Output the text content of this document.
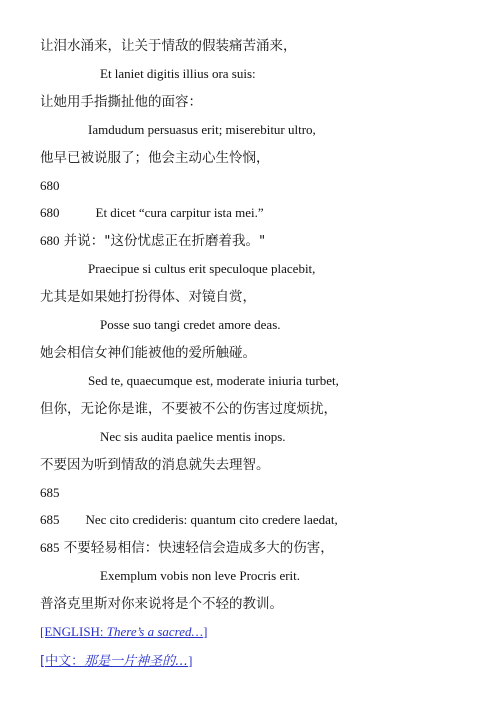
让泪水涌来，让关于情敌的假装痛苦涌来，
Et laniet digitis illius ora suis:
让她用手指撕扯他的面容：
Iamdudum persuasus erit; miserebitur ultro,
他早已被说服了；他会主动心生怜悯，
680
680	Et dicet “cura carpitur ista mei.”
680 并说："这份忧虑正在折磨着我。"
Praecipue si cultus erit speculoque placebit,
尤其是如果她打扮得体、对镜自赏，
Posse suo tangi credet amore deas.
她会相信女神们能被他的爱所触碰。
Sed te, quaecumque est, moderate iniuria turbet,
但你，无论你是谁，不要被不公的伤害过度烦扰，
Nec sis audita paelice mentis inops.
不要因为听到情敌的消息就失去理智。
685
685 Nec cito credideris: quantum cito credere laedat,
685 不要轻易相信：快速轻信会造成多大的伤害，
Exemplum vobis non leve Procris erit.
普洛克里斯对你来说将是个不轻的教训。
[ENGLISH: There’s a sacred…]
[中文：那是一片神圣的…]
